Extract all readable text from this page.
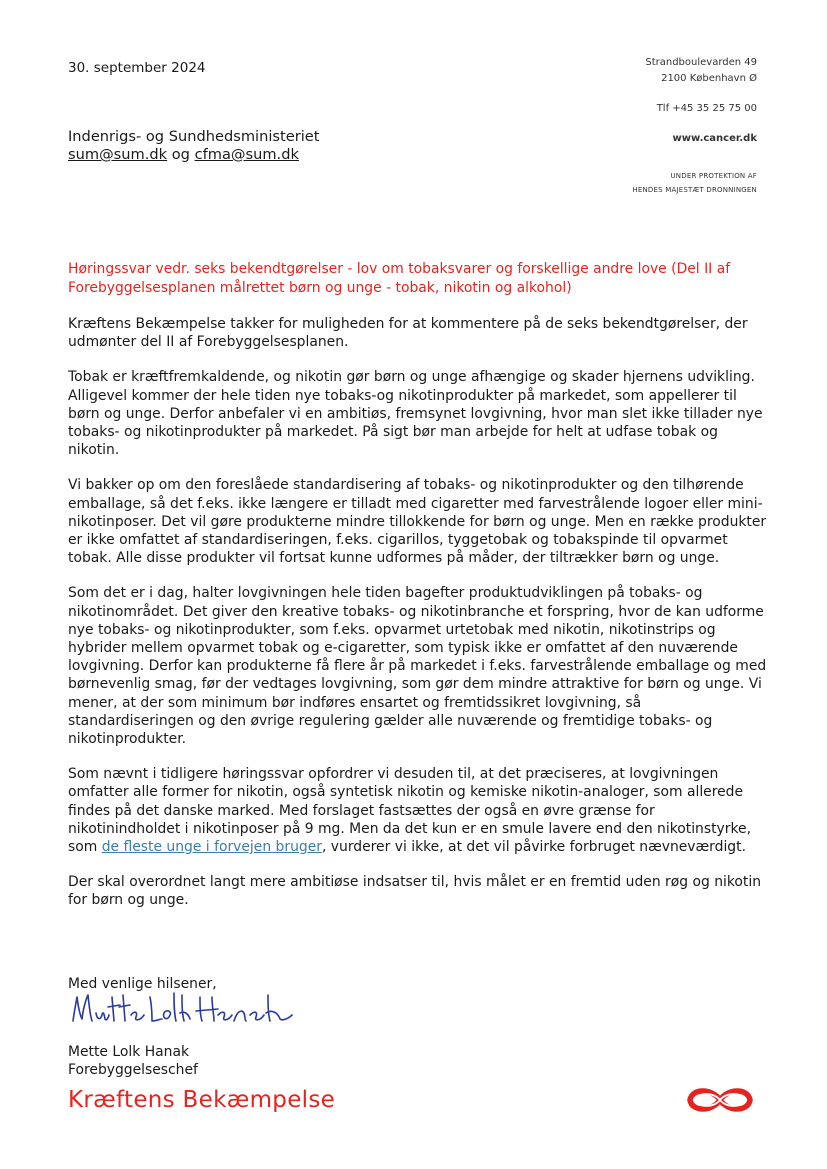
30. september 2024	Strandboulevarden 49
2100 København Ø
Tlf +45 35 25 75 00
www.cancer.dk
UNDER PROTEKTION AF
HENDES MAJESTÆT DRONNINGEN
Indenrigs- og Sundhedsministeriet
sum@sum.dk og cfma@sum.dk
Høringssvar vedr. seks bekendtgørelser - lov om tobaksvarer og forskellige andre love (Del II af Forebyggelsesplanen målrettet børn og unge - tobak, nikotin og alkohol)

Kræftens Bekæmpelse takker for muligheden for at kommentere på de seks bekendtgørelser, der udmønter del II af Forebyggelsesplanen.

Tobak er kræftfremkaldende, og nikotin gør børn og unge afhængige og skader hjernens udvikling. Alligevel kommer der hele tiden nye tobaks-og nikotinprodukter på markedet, som appellerer til børn og unge. Derfor anbefaler vi en ambitiøs, fremsynet lovgivning, hvor man slet ikke tillader nye tobaks- og nikotinprodukter på markedet. På sigt bør man arbejde for helt at udfase tobak og nikotin.

Vi bakker op om den foreslåede standardisering af tobaks- og nikotinprodukter og den tilhørende emballage, så det f.eks. ikke længere er tilladt med cigaretter med farvestrålende logoer eller mini-nikotinposer. Det vil gøre produkterne mindre tillokkende for børn og unge. Men en række produkter er ikke omfattet af standardiseringen, f.eks. cigarillos, tyggetobak og tobakspinde til opvarmet tobak. Alle disse produkter vil fortsat kunne udformes på måder, der tiltrækker børn og unge.

Som det er i dag, halter lovgivningen hele tiden bagefter produktudviklingen på tobaks- og nikotinområdet. Det giver den kreative tobaks- og nikotinbranche et forspring, hvor de kan udforme nye tobaks- og nikotinprodukter, som f.eks. opvarmet urtetobak med nikotin, nikotinstrips og hybrider mellem opvarmet tobak og e-cigaretter, som typisk ikke er omfattet af den nuværende lovgivning. Derfor kan produkterne få flere år på markedet i f.eks. farvestrålende emballage og med børnevenlig smag, før der vedtages lovgivning, som gør dem mindre attraktive for børn og unge. Vi mener, at der som minimum bør indføres ensartet og fremtidssikret lovgivning, så standardiseringen og den øvrige regulering gælder alle nuværende og fremtidige tobaks- og nikotinprodukter.

Som nævnt i tidligere høringssvar opfordrer vi desuden til, at det præciseres, at lovgivningen omfatter alle former for nikotin, også syntetisk nikotin og kemiske nikotin-analoger, som allerede findes på det danske marked. Med forslaget fastsættes der også en øvre grænse for nikotinindholdet i nikotinposer på 9 mg. Men da det kun er en smule lavere end den nikotinstyrke, som de fleste unge i forvejen bruger, vurderer vi ikke, at det vil påvirke forbruget nævneværdigt.

Der skal overordnet langt mere ambitiøse indsatser til, hvis målet er en fremtid uden røg og nikotin for børn og unge.

Med venlige hilsener,
Mette Lolk Hanak
Forebyggelseschef
Kræftens Bekæmpelse
